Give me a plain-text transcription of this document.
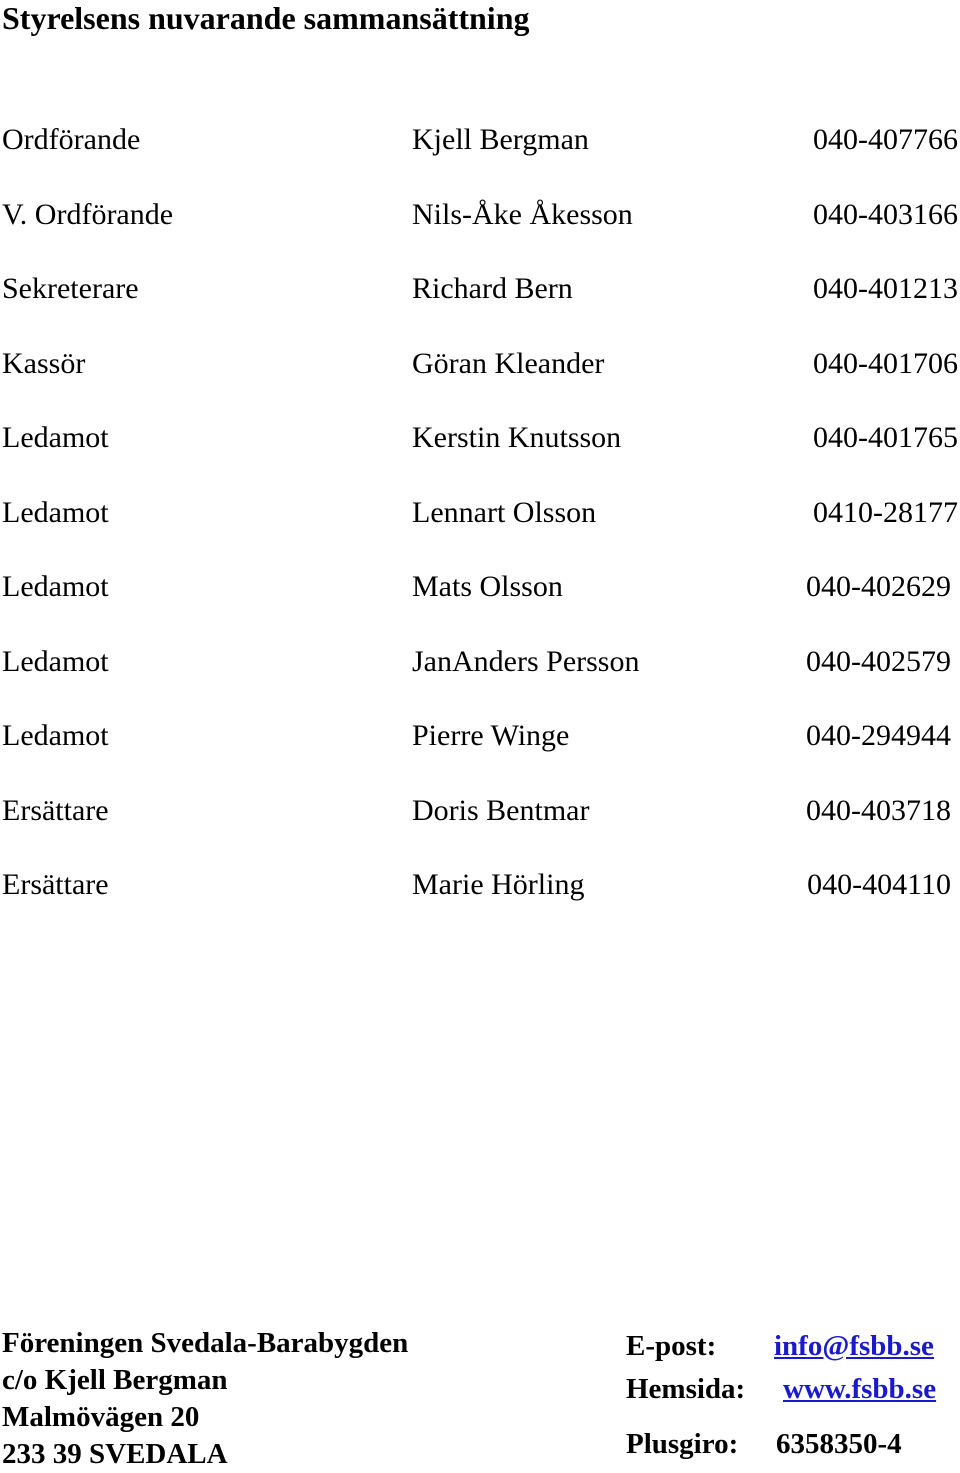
Styrelsens nuvarande sammansättning
Ordförande	Kjell Bergman	040-407766
V. Ordförande	Nils-Åke Åkesson	040-403166
Sekreterare	Richard Bern	040-401213
Kassör	Göran Kleander	040-401706
Ledamot	Kerstin Knutsson	040-401765
Ledamot	Lennart Olsson	0410-28177
Ledamot	Mats Olsson	040-402629
Ledamot	JanAnders Persson	040-402579
Ledamot	Pierre Winge	040-294944
Ersättare	Doris Bentmar	040-403718
Ersättare	Marie Hörling	040-404110
Föreningen Svedala-Barabygden
c/o Kjell Bergman
Malmövägen 20
233 39 SVEDALA
E-post: info@fsbb.se
Hemsida: www.fsbb.se
Plusgiro: 6358350-4
